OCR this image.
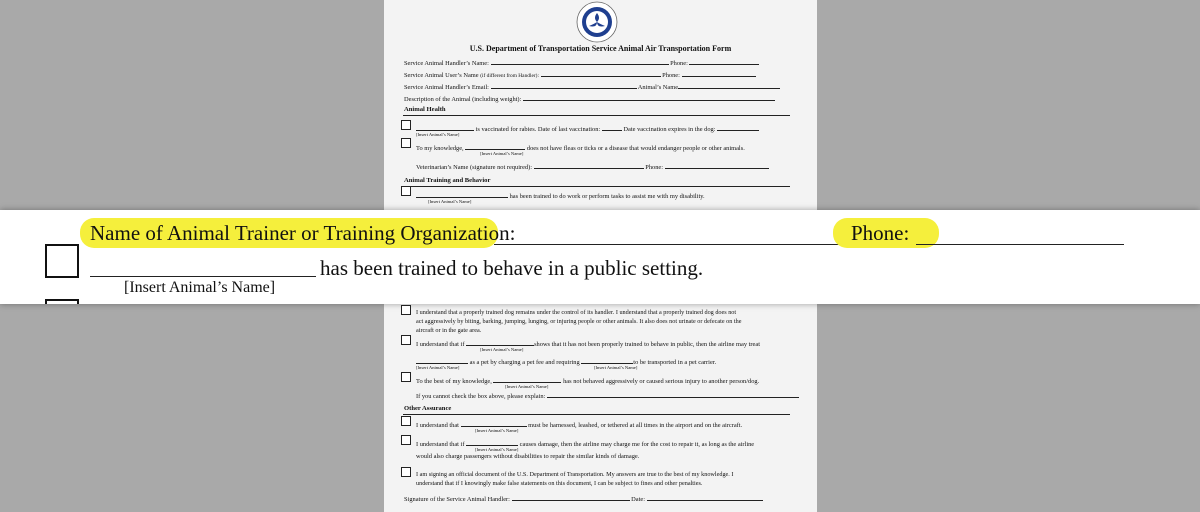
U.S. Department of Transportation Service Animal Air Transportation Form
Service Animal Handler’s Name:	Phone:
Service Animal User’s Name (if different from Handler):	Phone:
Service Animal Handler’s Email:	Animal’s Name
Description of the Animal (including weight):
Animal Health
is vaccinated for rabies. Date of last vaccination:	Date vaccination expires in the dog:
[Insert Animal’s Name]
To my knowledge,	does not have fleas or ticks or a disease that would endanger people or other animals.
[Insert Animal’s Name]
Veterinarian’s Name (signature not required):	Phone:
Animal Training and Behavior
has been trained to do work or perform tasks to assist me with my disability.
[Insert Animal’s Name]
Name of Animal Trainer or Training Organization:	Phone:
has been trained to behave in a public setting.
[Insert Animal’s Name]
I understand that a properly trained dog remains under the control of its handler. I understand that a properly trained dog does not
act aggressively by biting, barking, jumping, lunging, or injuring people or other animals. It also does not urinate or defecate on the
aircraft or in the gate area.
I understand that if	shows that it has not been properly trained to behave in public, then the airline may treat
[Insert Animal’s Name]
as a pet by charging a pet fee and requiring	to be transported in a pet carrier.
[Insert Animal’s Name]	[Insert Animal’s Name]
To the best of my knowledge,	has not behaved aggressively or caused serious injury to another person/dog.
[Insert Animal’s Name]
If you cannot check the box above, please explain:
Other Assurance
I understand that	must be harnessed, leashed, or tethered at all times in the airport and on the aircraft.
[Insert Animal’s Name]
I understand that if	causes damage, then the airline may charge me for the cost to repair it, as long as the airline
[Insert Animal’s Name]
would also charge passengers without disabilities to repair the similar kinds of damage.
I am signing an official document of the U.S. Department of Transportation. My answers are true to the best of my knowledge. I
understand that if I knowingly make false statements on this document, I can be subject to fines and other penalties.
Signature of the Service Animal Handler:	Date:
